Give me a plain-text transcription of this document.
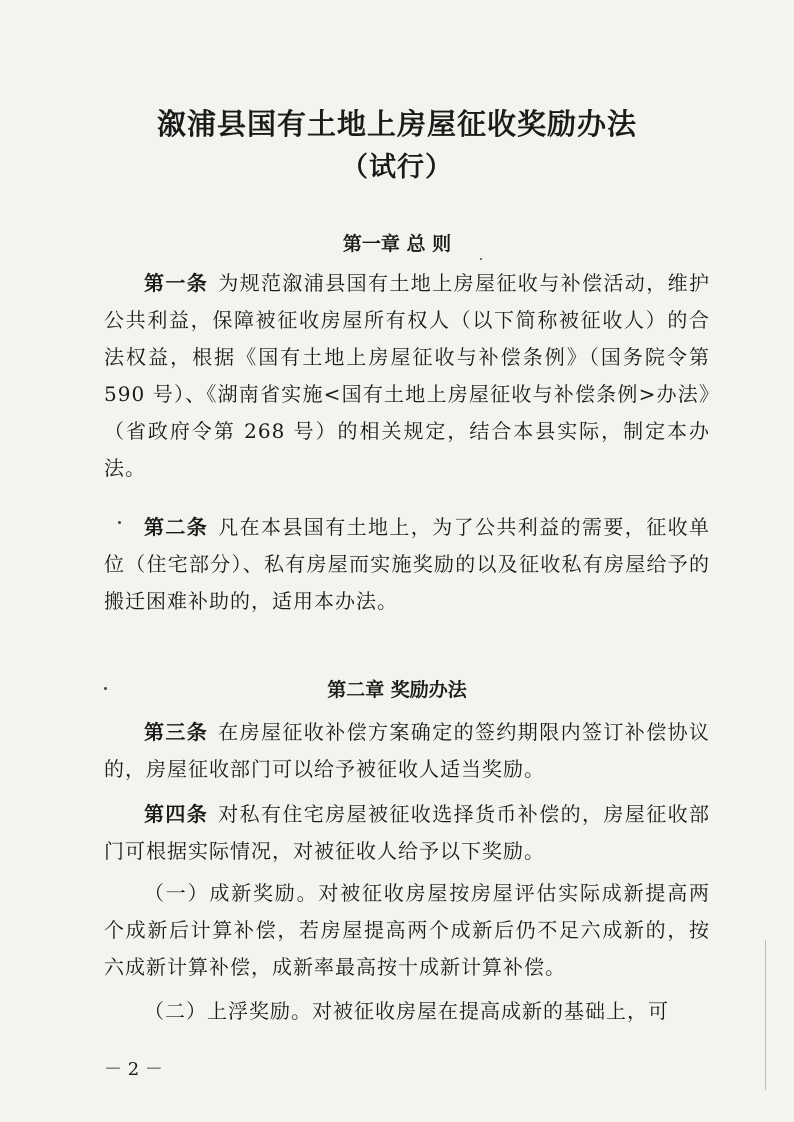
溆浦县国有土地上房屋征收奖励办法
（试行）
第一章 总 则
第一条 为规范溆浦县国有土地上房屋征收与补偿活动，维护公共利益，保障被征收房屋所有权人（以下简称被征收人）的合法权益，根据《国有土地上房屋征收与补偿条例》（国务院令第 590 号）、《湖南省实施<国有土地上房屋征收与补偿条例>办法》（省政府令第 268 号）的相关规定，结合本县实际，制定本办法。
第二条 凡在本县国有土地上，为了公共利益的需要，征收单位（住宅部分）、私有房屋而实施奖励的以及征收私有房屋给予的搬迁困难补助的，适用本办法。
第二章 奖励办法
第三条 在房屋征收补偿方案确定的签约期限内签订补偿协议的，房屋征收部门可以给予被征收人适当奖励。
第四条 对私有住宅房屋被征收选择货币补偿的，房屋征收部门可根据实际情况，对被征收人给予以下奖励。
（一）成新奖励。对被征收房屋按房屋评估实际成新提高两个成新后计算补偿，若房屋提高两个成新后仍不足六成新的，按六成新计算补偿，成新率最高按十成新计算补偿。
（二）上浮奖励。对被征收房屋在提高成新的基础上，可
－ 2 －
